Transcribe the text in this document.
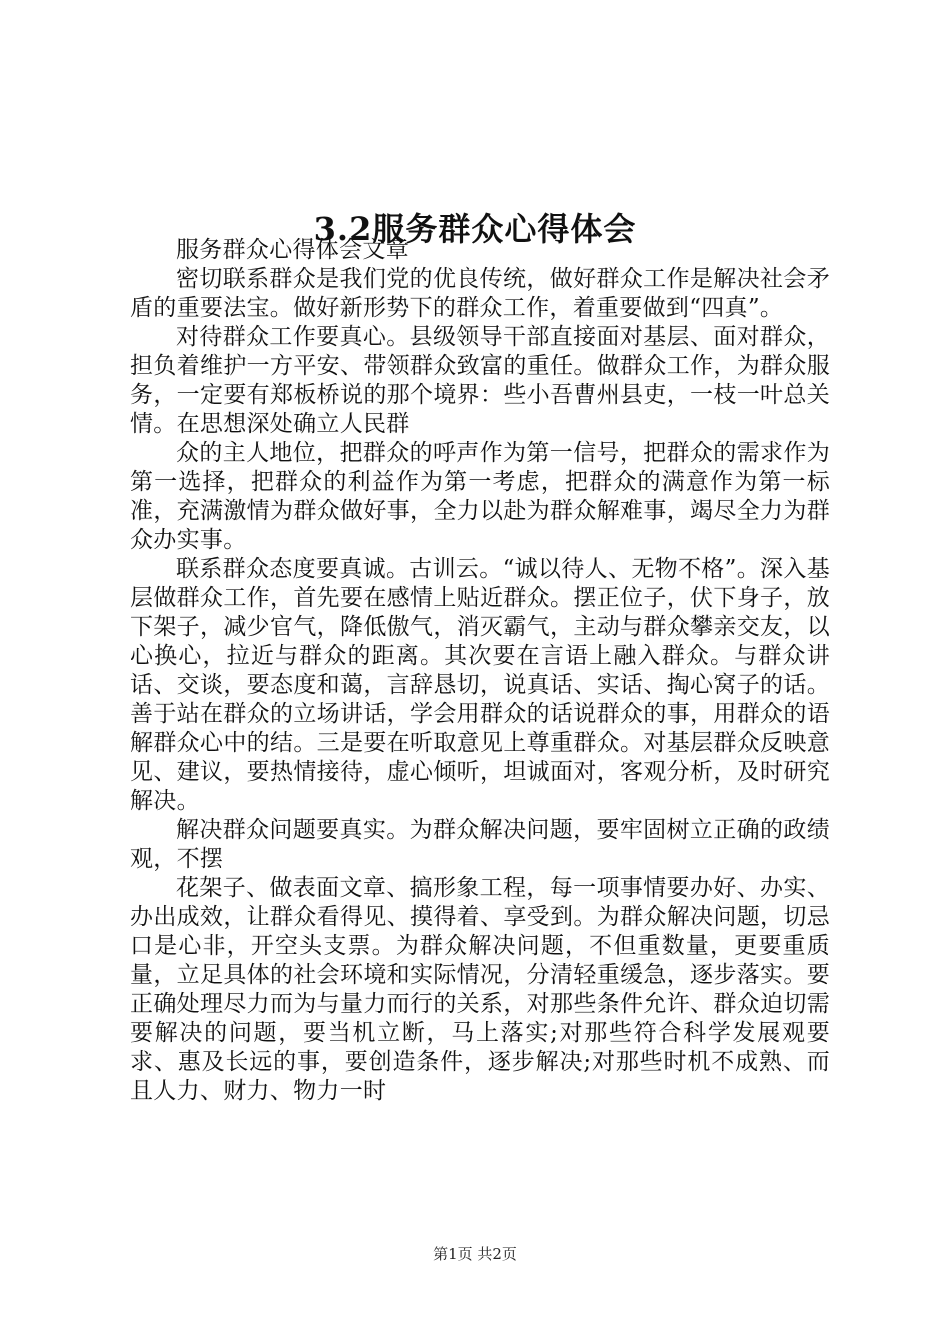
3.2服务群众心得体会

服务群众心得体会文章

密切联系群众是我们党的优良传统，做好群众工作是解决社会矛盾的重要法宝。做好新形势下的群众工作，着重要做到“四真”。

对待群众工作要真心。县级领导干部直接面对基层、面对群众，担负着维护一方平安、带领群众致富的重任。做群众工作，为群众服务，一定要有郑板桥说的那个境界：些小吾曹州县吏，一枝一叶总关情。在思想深处确立人民群

众的主人地位，把群众的呼声作为第一信号，把群众的需求作为第一选择，把群众的利益作为第一考虑，把群众的满意作为第一标准，充满激情为群众做好事，全力以赴为群众解难事，竭尽全力为群众办实事。

联系群众态度要真诚。古训云。“诚以待人、无物不格”。深入基层做群众工作，首先要在感情上贴近群众。摆正位子，伏下身子，放下架子，减少官气，降低傲气，消灭霸气，主动与群众攀亲交友，以心换心，拉近与群众的距离。其次要在言语上融入群众。与群众讲话、交谈，要态度和蔼，言辞恳切，说真话、实话、掏心窝子的话。善于站在群众的立场讲话，学会用群众的话说群众的事，用群众的语解群众心中的结。三是要在听取意见上尊重群众。对基层群众反映意见、建议，要热情接待，虚心倾听，坦诚面对，客观分析，及时研究解决。

解决群众问题要真实。为群众解决问题，要牢固树立正确的政绩观，不摆

花架子、做表面文章、搞形象工程，每一项事情要办好、办实、办出成效，让群众看得见、摸得着、享受到。为群众解决问题，切忌口是心非，开空头支票。为群众解决问题，不但重数量，更要重质量，立足具体的社会环境和实际情况，分清轻重缓急，逐步落实。要正确处理尽力而为与量力而行的关系，对那些条件允许、群众迫切需要解决的问题，要当机立断，马上落实;对那些符合科学发展观要求、惠及长远的事，要创造条件，逐步解决;对那些时机不成熟、而且人力、财力、物力一时

第1页 共2页
